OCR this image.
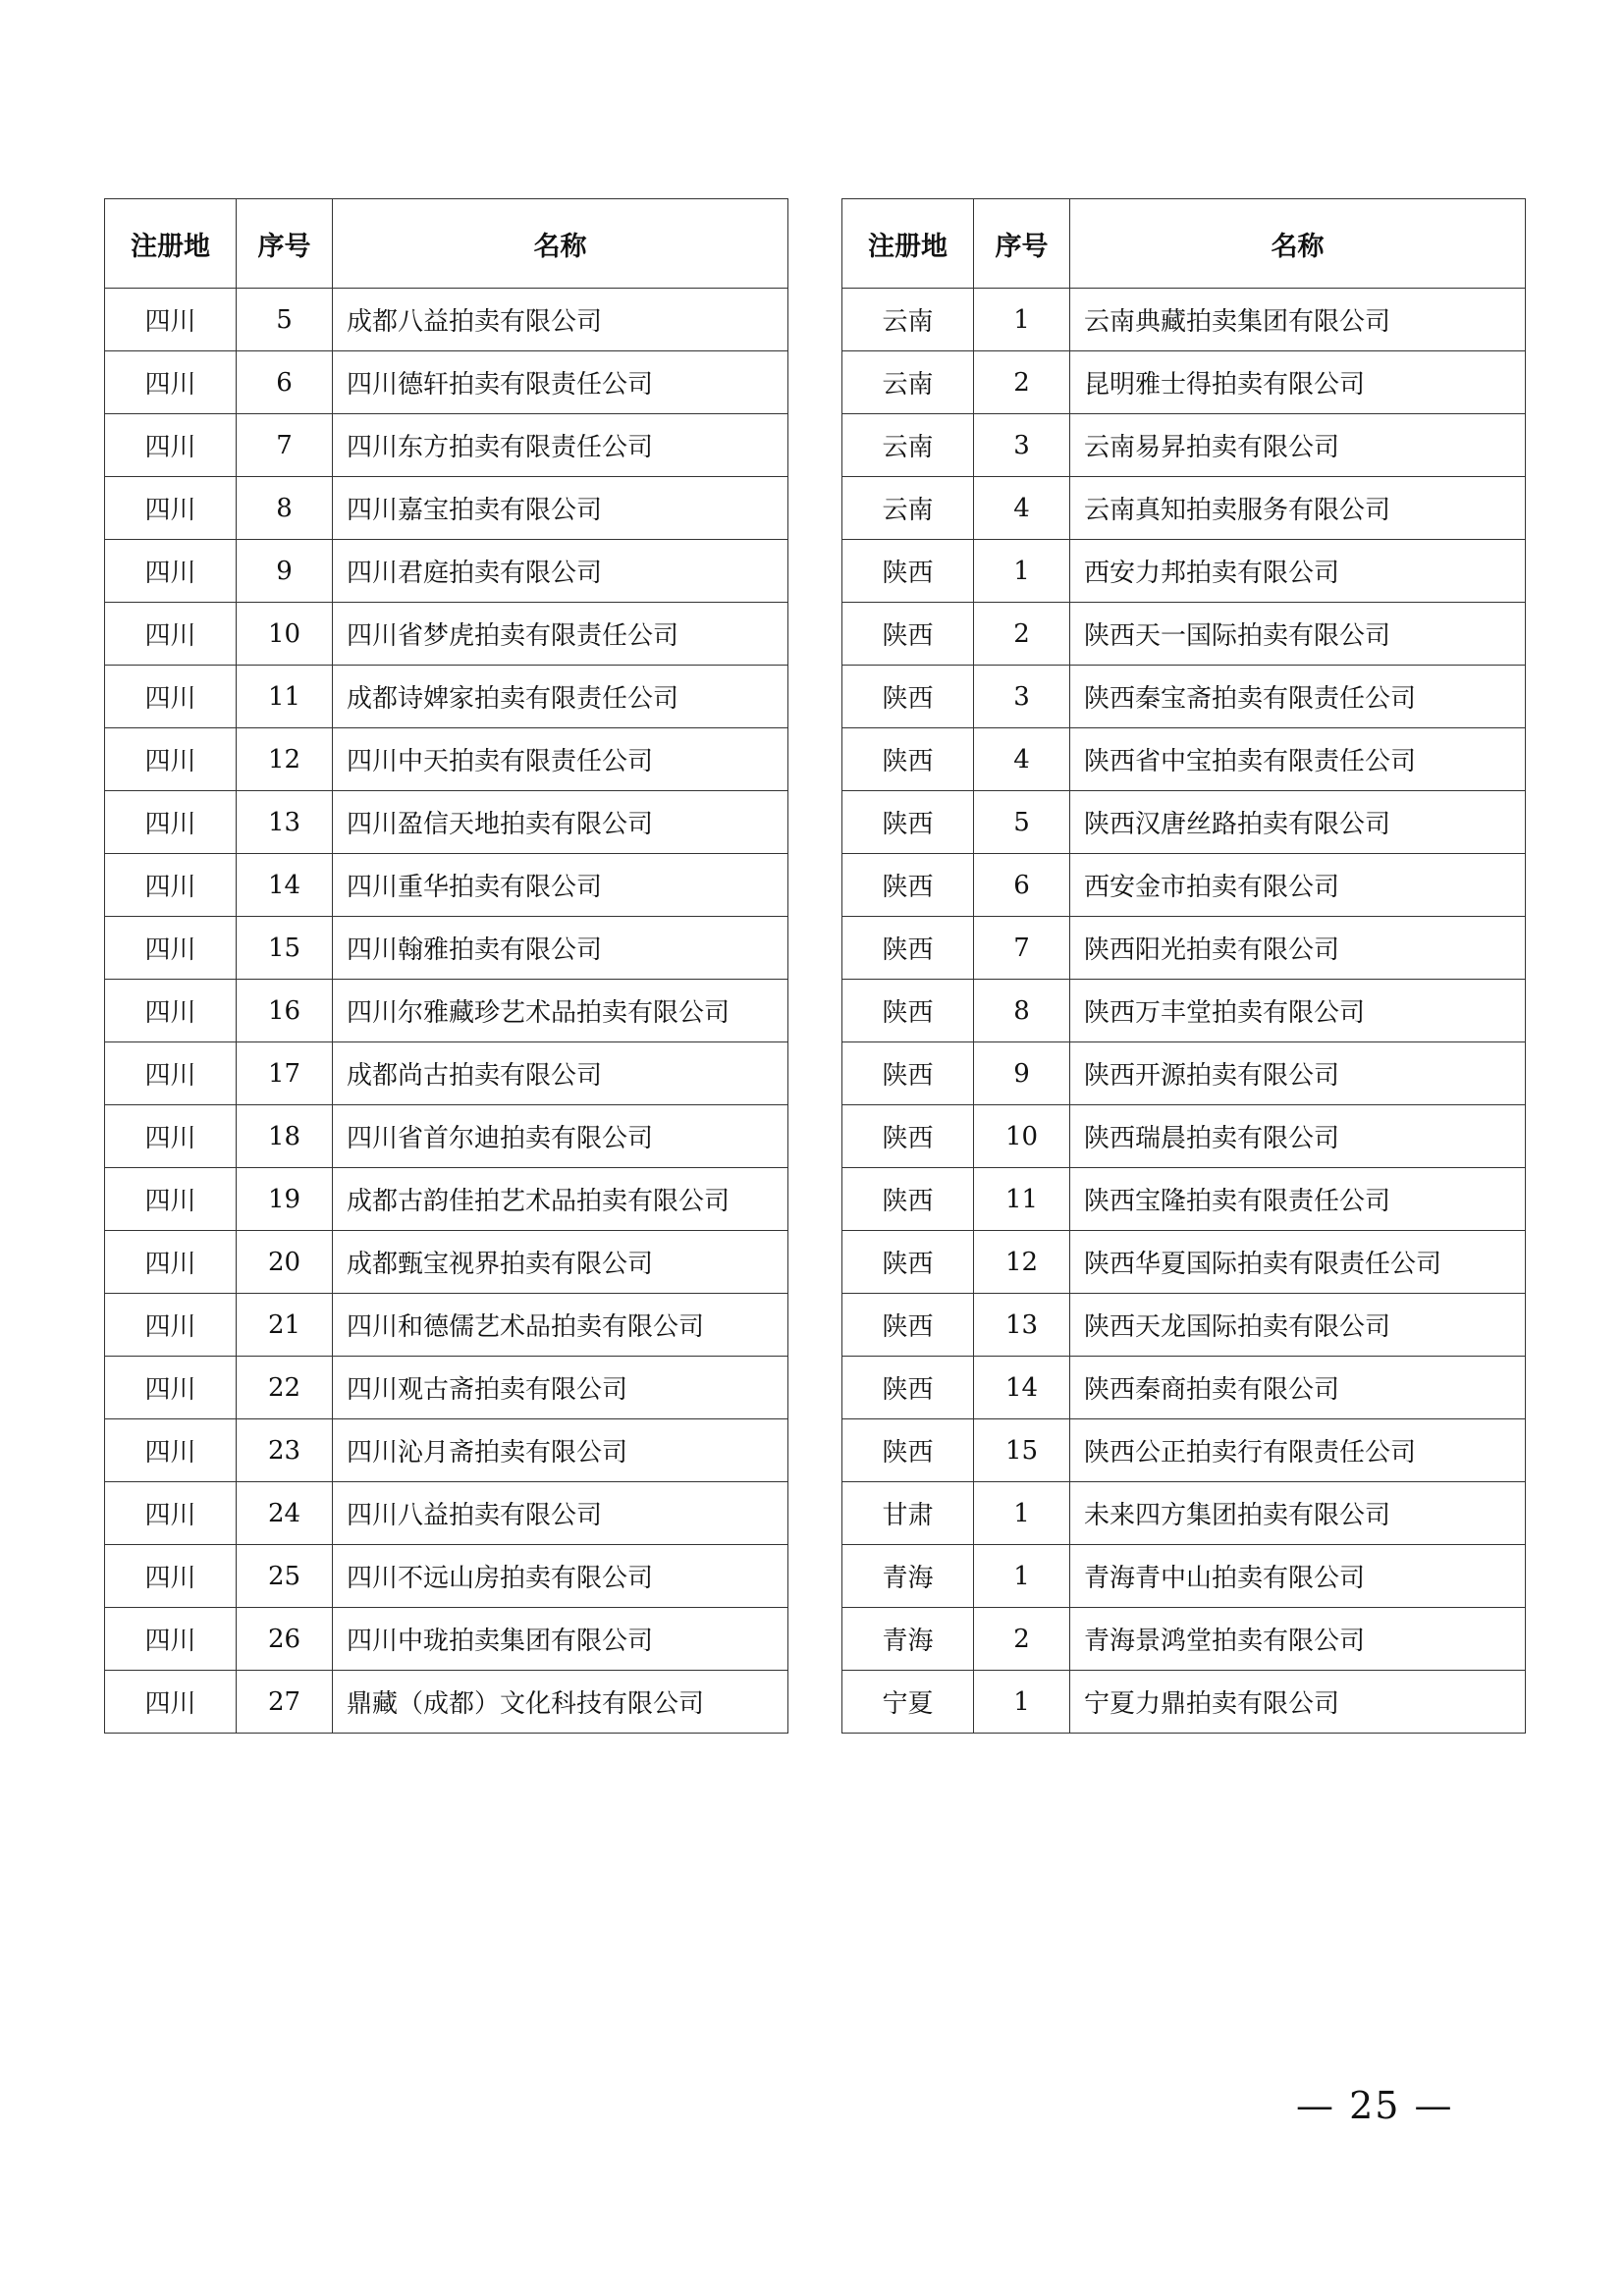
注册地	序号	名称
四川	5	成都八益拍卖有限公司
四川	6	四川德轩拍卖有限责任公司
四川	7	四川东方拍卖有限责任公司
四川	8	四川嘉宝拍卖有限公司
四川	9	四川君庭拍卖有限公司
四川	10	四川省梦虎拍卖有限责任公司
四川	11	成都诗婢家拍卖有限责任公司
四川	12	四川中天拍卖有限责任公司
四川	13	四川盈信天地拍卖有限公司
四川	14	四川重华拍卖有限公司
四川	15	四川翰雅拍卖有限公司
四川	16	四川尔雅藏珍艺术品拍卖有限公司
四川	17	成都尚古拍卖有限公司
四川	18	四川省首尔迪拍卖有限公司
四川	19	成都古韵佳拍艺术品拍卖有限公司
四川	20	成都甄宝视界拍卖有限公司
四川	21	四川和德儒艺术品拍卖有限公司
四川	22	四川观古斋拍卖有限公司
四川	23	四川沁月斋拍卖有限公司
四川	24	四川八益拍卖有限公司
四川	25	四川不远山房拍卖有限公司
四川	26	四川中珑拍卖集团有限公司
四川	27	鼎藏（成都）文化科技有限公司
注册地	序号	名称
云南	1	云南典藏拍卖集团有限公司
云南	2	昆明雅士得拍卖有限公司
云南	3	云南易昇拍卖有限公司
云南	4	云南真知拍卖服务有限公司
陕西	1	西安力邦拍卖有限公司
陕西	2	陕西天一国际拍卖有限公司
陕西	3	陕西秦宝斋拍卖有限责任公司
陕西	4	陕西省中宝拍卖有限责任公司
陕西	5	陕西汉唐丝路拍卖有限公司
陕西	6	西安金市拍卖有限公司
陕西	7	陕西阳光拍卖有限公司
陕西	8	陕西万丰堂拍卖有限公司
陕西	9	陕西开源拍卖有限公司
陕西	10	陕西瑞晨拍卖有限公司
陕西	11	陕西宝隆拍卖有限责任公司
陕西	12	陕西华夏国际拍卖有限责任公司
陕西	13	陕西天龙国际拍卖有限公司
陕西	14	陕西秦商拍卖有限公司
陕西	15	陕西公正拍卖行有限责任公司
甘肃	1	未来四方集团拍卖有限公司
青海	1	青海青中山拍卖有限公司
青海	2	青海景鸿堂拍卖有限公司
宁夏	1	宁夏力鼎拍卖有限公司
— 25 —
